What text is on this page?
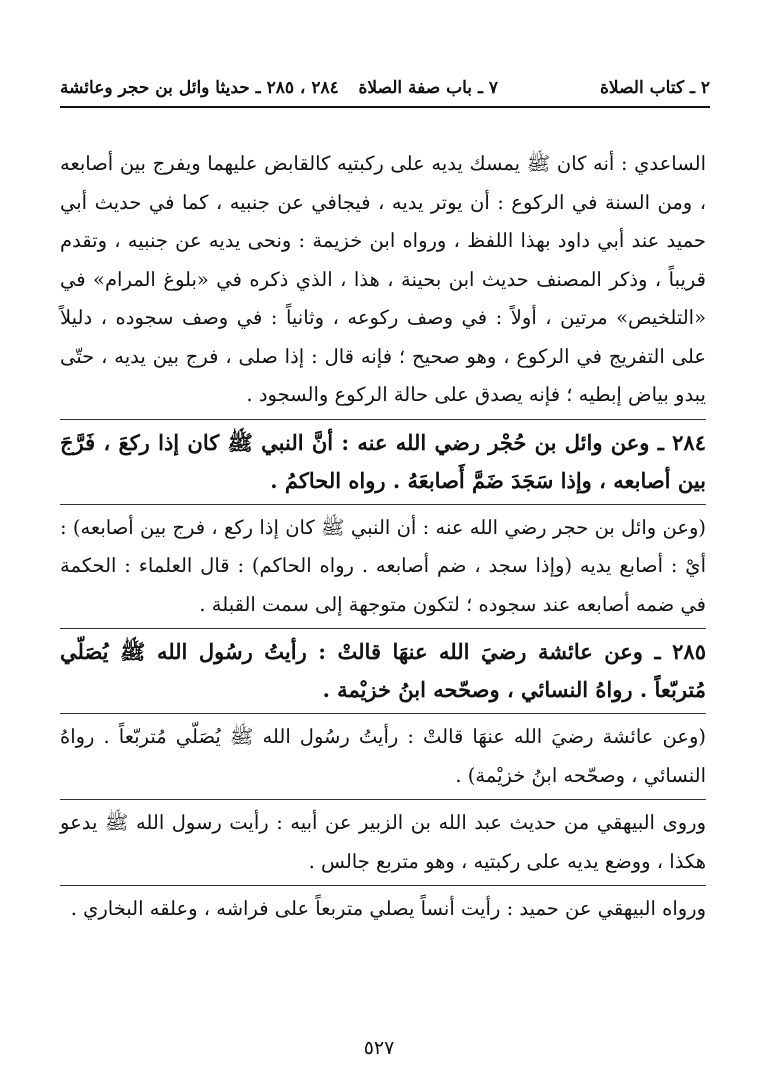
٢ ـ كتاب الصلاة
٧ ـ باب صفة الصلاة
٢٨٤ ، ٢٨٥ ـ حديثا وائل بن حجر وعائشة

الساعدي : أنه كان ﷺ يمسك يديه على ركبتيه كالقابض عليهما ويفرج بين أصابعه ، ومن السنة في الركوع : أن يوتر يديه ، فيجافي عن جنبيه ، كما في حديث أبي حميد عند أبي داود بهذا اللفظ ، ورواه ابن خزيمة : ونحى يديه عن جنبيه ، وتقدم قريباً ، وذكر المصنف حديث ابن بحينة ، هذا ، الذي ذكره في «بلوغ المرام» في «التلخيص» مرتين ، أولاً : في وصف ركوعه ، وثانياً : في وصف سجوده ، دليلاً على التفريج في الركوع ، وهو صحيح ؛ فإنه قال : إذا صلى ، فرج بين يديه ، حتّى يبدو بياض إبطيه ؛ فإنه يصدق على حالة الركوع والسجود .

٢٨٤ ـ وعن وائل بن حُجْر رضي الله عنه : أنَّ النبي ﷺ كان إذا ركعَ ، فَرَّجَ بين أصابعه ، وإذا سَجَدَ ضَمَّ أَصابعَهُ . رواه الحاكمُ .

(وعن وائل بن حجر رضي الله عنه : أن النبي ﷺ كان إذا ركع ، فرج بين أصابعه) : أيْ : أصابع يديه (وإذا سجد ، ضم أصابعه . رواه الحاكم) : قال العلماء : الحكمة في ضمه أصابعه عند سجوده ؛ لتكون متوجهة إلى سمت القبلة .

٢٨٥ ـ وعن عائشة رضيَ الله عنهَا قالتْ : رأيتُ رسُول الله ﷺ يُصَلّي مُتربّعاً . رواهُ النسائي ، وصحّحه ابنُ خزيْمة .

(وعن عائشة رضيَ الله عنهَا قالتْ : رأيتُ رسُول الله ﷺ يُصَلّي مُتربّعاً . رواهُ النسائي ، وصحّحه ابنُ خزيْمة) .

وروى البيهقي من حديث عبد الله بن الزبير عن أبيه : رأيت رسول الله ﷺ يدعو هكذا ، ووضع يديه على ركبتيه ، وهو متربع جالس .

ورواه البيهقي عن حميد : رأيت أنساً يصلي متربعاً على فراشه ، وعلقه البخاري .

٥٢٧
